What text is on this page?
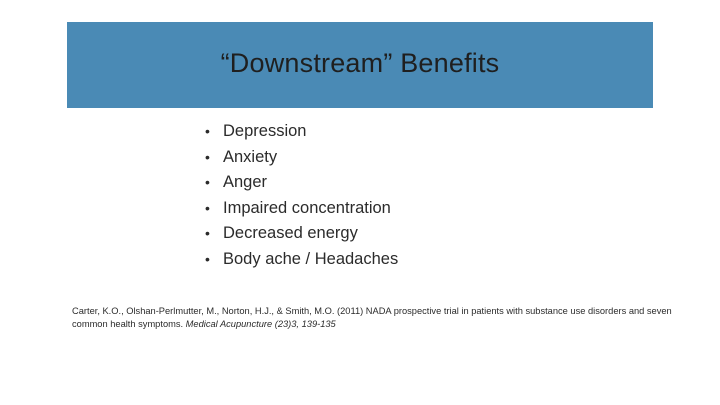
“Downstream” Benefits
• Depression
• Anxiety
• Anger
• Impaired concentration
• Decreased energy
• Body ache / Headaches
Carter, K.O., Olshan-Perlmutter, M., Norton, H.J., & Smith, M.O. (2011) NADA prospective trial in patients with substance use disorders and seven common health symptoms. Medical Acupuncture (23)3, 139-135
